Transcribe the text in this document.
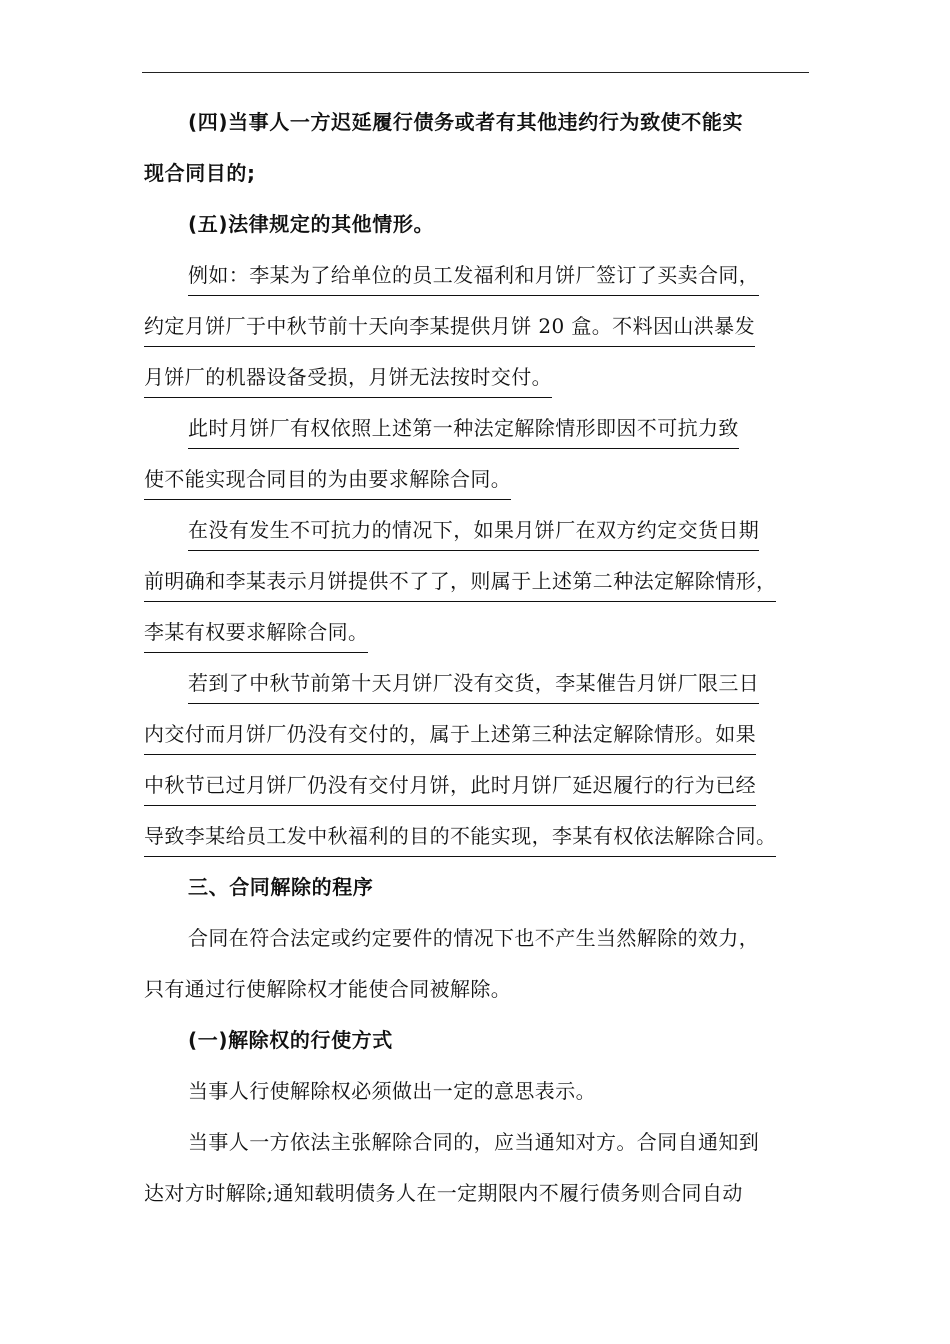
(四)当事人一方迟延履行债务或者有其他违约行为致使不能实
现合同目的;
(五)法律规定的其他情形。
例如：李某为了给单位的员工发福利和月饼厂签订了买卖合同，
约定月饼厂于中秋节前十天向李某提供月饼 20 盒。不料因山洪暴发
月饼厂的机器设备受损，月饼无法按时交付。
此时月饼厂有权依照上述第一种法定解除情形即因不可抗力致
使不能实现合同目的为由要求解除合同。
在没有发生不可抗力的情况下，如果月饼厂在双方约定交货日期
前明确和李某表示月饼提供不了了，则属于上述第二种法定解除情形，
李某有权要求解除合同。
若到了中秋节前第十天月饼厂没有交货，李某催告月饼厂限三日
内交付而月饼厂仍没有交付的，属于上述第三种法定解除情形。如果
中秋节已过月饼厂仍没有交付月饼，此时月饼厂延迟履行的行为已经
导致李某给员工发中秋福利的目的不能实现，李某有权依法解除合同。
三、合同解除的程序
合同在符合法定或约定要件的情况下也不产生当然解除的效力，
只有通过行使解除权才能使合同被解除。
(一)解除权的行使方式
当事人行使解除权必须做出一定的意思表示。
当事人一方依法主张解除合同的，应当通知对方。合同自通知到
达对方时解除;通知载明债务人在一定期限内不履行债务则合同自动
